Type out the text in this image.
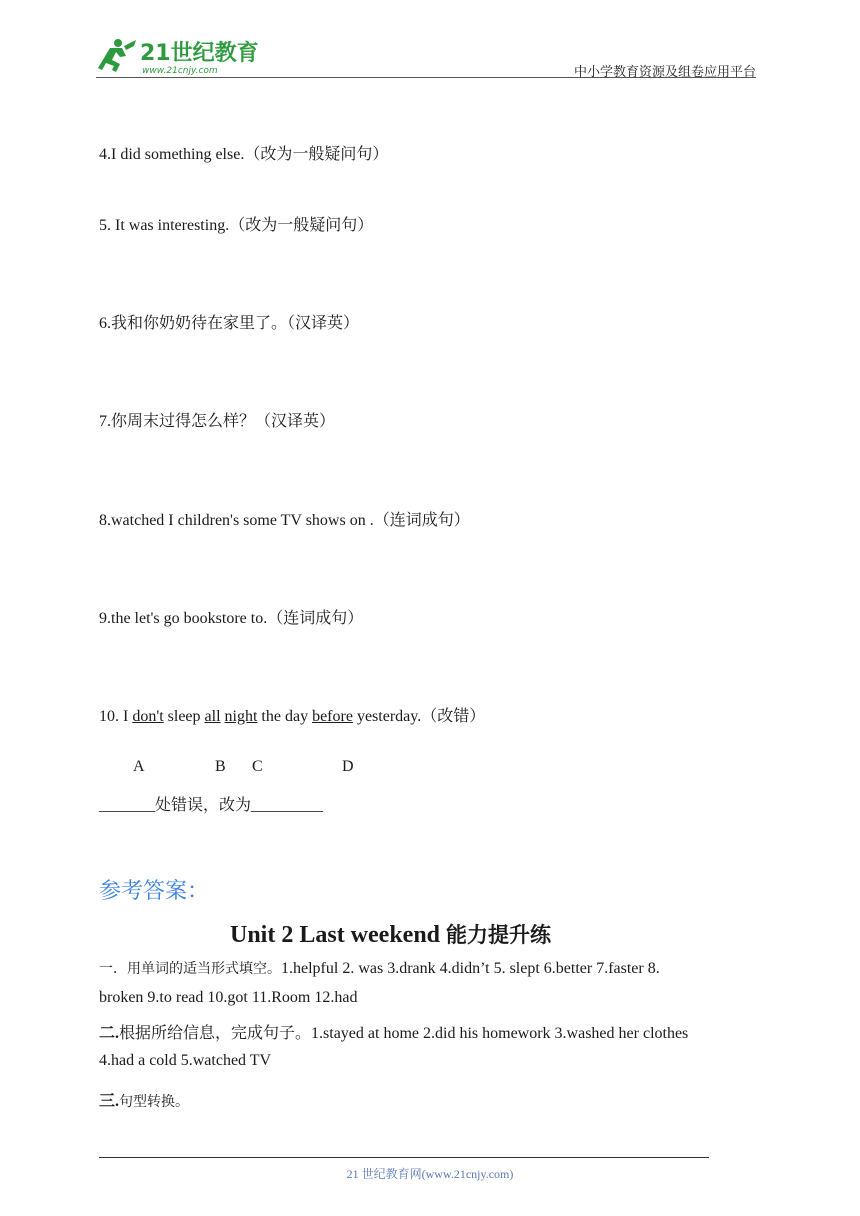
21世纪教育
www.21cnjy.com	中小学教育资源及组卷应用平台
4.I did something else.（改为一般疑问句）
5. It was interesting.（改为一般疑问句）
6.我和你奶奶待在家里了。（汉译英）
7.你周末过得怎么样？（汉译英）
8.watched I children's some TV shows on .（连词成句）
9.the let's go bookstore to.（连词成句）
10. I don't sleep all night the day before yesterday.（改错）
A	B C	D
_______处错误，改为_________
参考答案：
Unit 2 Last weekend 能力提升练
一．用单词的适当形式填空。1.helpful 2. was 3.drank 4.didn’t 5. slept 6.better 7.faster 8.
broken 9.to read 10.got 11.Room 12.had
二.根据所给信息，完成句子。1.stayed at home 2.did his homework 3.washed her clothes
4.had a cold 5.watched TV
三.句型转换。
21 世纪教育网(www.21cnjy.com)
